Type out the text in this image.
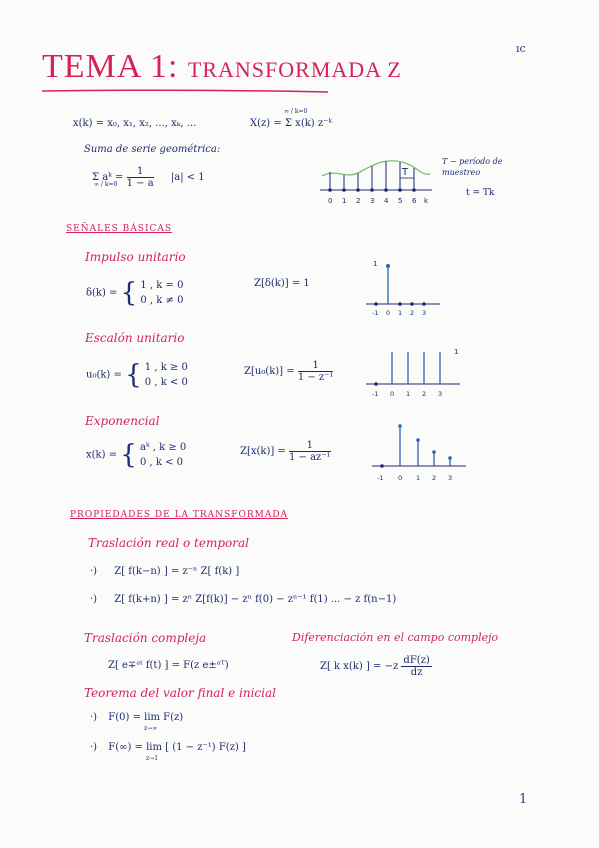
ıc
1
TEMA 1: TRANSFORMADA Z
x(k) = x₀, x₁, x₂, ..., xₖ, ...	X(z) = Σ x(k) z⁻ᵏ
∞ / k=0
Suma de serie geométrica:
Σ aᵏ = $\frac{1}{1 - a} |a| < 1$
∞ / k=0
T
0 1 2 3 4 5 6 k
T − período de muestreo
t = Tk
SEÑALES BÁSICAS
Impulso unitario
δ(k) = { 1 , k = 0
0 , k ≠ 0
Z[δ(k)] = 1
1
-1 0 1 2 3
Escalón unitario
u₀(k) = { 1 , k ≥ 0
0 , k < 0
$Z[u_0(k)] = \frac{1}{\text{1 − z⁻¹}}$
1
-1 0 1 2 3
Exponencial
x(k) = { aᵏ , k ≥ 0
0 , k < 0
$Z[x(k)] = \frac{1}{\text{1 − az⁻¹}}$
-1 0 1 2 3
PROPIEDADES DE LA TRANSFORMADA
Traslación real o temporal
·) Z[ f(k−n) ] = z⁻ⁿ Z[ f(k) ]
·) Z[ f(k+n) ] = zⁿ Z[f(k)] − zⁿ f(0) − zⁿ⁻¹ f(1) ... − z f(n−1)
Traslación compleja
Z[ e∓ᵃᵗ f(t) ] = F(z e±ᵃᵀ)
Diferenciación en el campo complejo
Z[ k x(k) ] = $-z \frac{dF(z)}{dz}$
Teorema del valor final e inicial
·) F(0) = lim F(z)
z→∞
·) F(∞) = lim [ (1 − z⁻¹) F(z) ]
z→1
